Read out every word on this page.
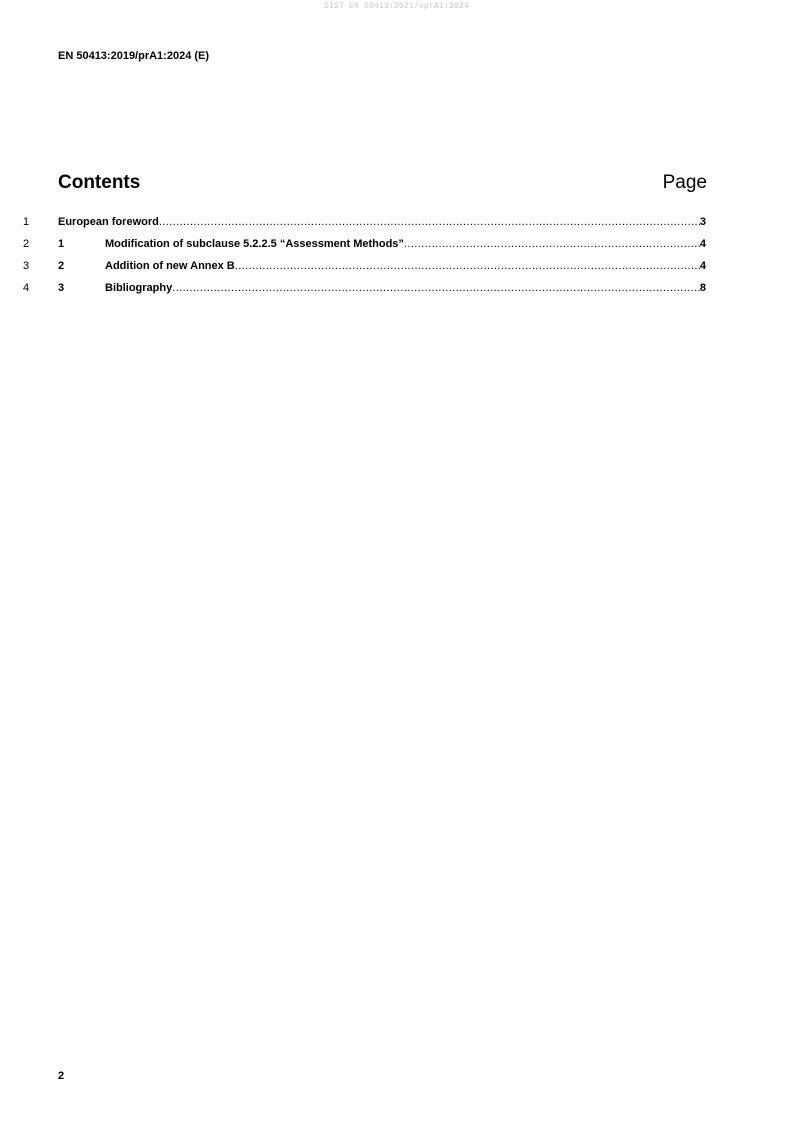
SIST EN 50413:2021/oprA1:2024
EN 50413:2019/prA1:2024 (E)
Contents	Page
1	European foreword .....	3
2	1	Modification of subclause 5.2.2.5 “Assessment Methods” .....	4
3	2	Addition of new Annex B .....	4
4	3	Bibliography .....	8
2
